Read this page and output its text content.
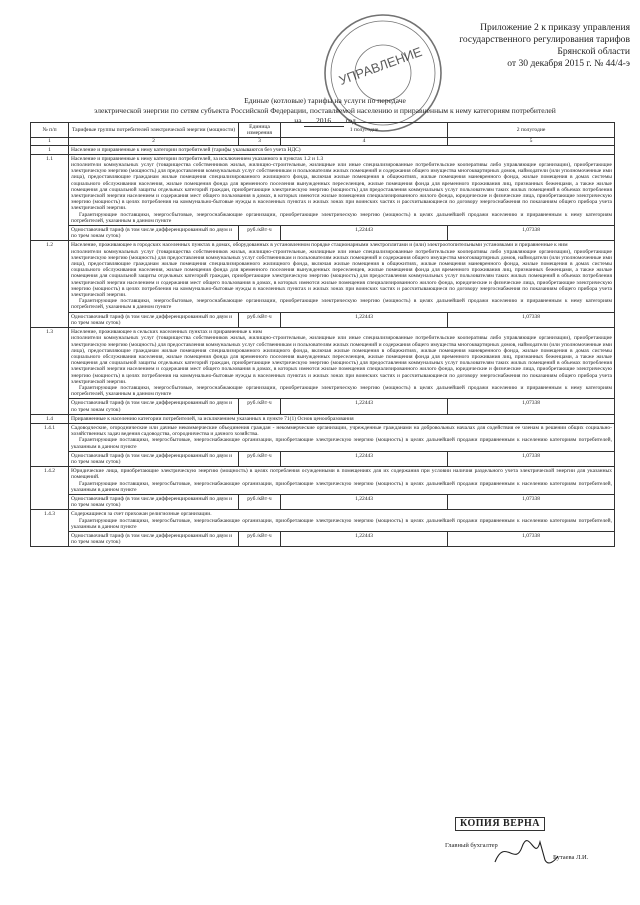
Приложение 2 к приказу управления
государственного регулирования тарифов
Брянской области
от 30 декабря 2015 г. № 44/4-э
УПРАВЛЕНИЕ
Единые (котловые) тарифы на услуги по передаче
электрической энергии по сетям субъекта Российской Федерации, поставляемой населению и приравненным к нему категориям потребителей
на 2016 год
№ п/п	Тарифные группы потребителей электрической энергии (мощности)	Единица измерения	1 полугодие	2 полугодие
1	2	3	4	5
1	Население и приравненные к нему категории потребителей (тарифы указываются без учета НДС)			

1.1	Население и приравненные к нему категории потребителей, за исключением указанного в пунктах 1.2 и 1.3

исполнители коммунальных услуг (товарищества собственников жилья, жилищно-строительные, жилищные или иные специализированные потребительские кооперативы либо управляющие организации), приобретающие электрическую энергию (мощность) для предоставления коммунальных услуг собственникам и пользователям жилых помещений и содержания общего имущества многоквартирных домов, наймодатели (или уполномоченные ими лица), предоставляющие гражданам жилые помещения специализированного жилищного фонда, включая жилые помещения в общежитиях, жилые помещения маневренного фонда, жилые помещения в домах системы социального обслуживания населения, жилые помещения фонда для временного поселения вынужденных переселенцев, жилые помещения фонда для временного проживания лиц, признанных беженцами, а также жилые помещения для социальной защиты отдельных категорий граждан, приобретающие электрическую энергию (мощность) для предоставления коммунальных услуг пользователям таких жилых помещений в объемах потребления электрической энергии населением и содержания мест общего пользования в домах, в которых имеются жилые помещения специализированного жилого фонда, юридические и физические лица, приобретающие электрическую энергию (мощность) в целях потребления на коммунально-бытовые нужды в населенных пунктах и жилых зонах при воинских частях и рассчитывающиеся по договору энергоснабжения по показаниям общего прибора учета электрической энергии.

Гарантирующие поставщики, энергосбытовые, энергоснабжающие организации, приобретающие электрическую энергию (мощность) в целях дальнейшей продажи населению и приравненным к нему категориям потребителей, указанным в данном пункте			

	Одноставочный тариф (в том числе дифференцированный по двум и по трем зонам суток)	руб./кВт·ч	1,22443	1,07338
1.2	Население, проживающее в городских населенных пунктах в домах, оборудованных в установленном порядке стационарными электроплитами и (или) электроотопительными установками и приравненные к ним

исполнители коммунальных услуг (товарищества собственников жилья, жилищно-строительные, жилищные или иные специализированные потребительские кооперативы либо управляющие организации), приобретающие электрическую энергию (мощность) для предоставления коммунальных услуг собственникам и пользователям жилых помещений и содержания общего имущества многоквартирных домов, наймодатели (или уполномоченные ими лица), предоставляющие гражданам жилые помещения специализированного жилищного фонда, включая жилые помещения в общежитиях, жилые помещения маневренного фонда, жилые помещения в домах системы социального обслуживания населения, жилые помещения фонда для временного поселения вынужденных переселенцев, жилые помещения фонда для временного проживания лиц, признанных беженцами, а также жилые помещения для социальной защиты отдельных категорий граждан, приобретающие электрическую энергию (мощность) для предоставления коммунальных услуг пользователям таких жилых помещений в объемах потребления электрической энергии населением и содержания мест общего пользования в домах, в которых имеются жилые помещения специализированного жилого фонда, юридические и физические лица, приобретающие электрическую энергию (мощность) в целях потребления на коммунально-бытовые нужды в населенных пунктах и жилых зонах при воинских частях и рассчитывающиеся по договору энергоснабжения по показаниям общего прибора учета электрической энергии.

Гарантирующие поставщики, энергосбытовые, энергоснабжающие организации, приобретающие электрическую энергию (мощность) в целях дальнейшей продажи населению и приравненным к нему категориям потребителей, указанным в данном пункте			

	Одноставочный тариф (в том числе дифференцированный по двум и по трем зонам суток)	руб./кВт·ч	1,22443	1,07338
1.3	Население, проживающее в сельских населенных пунктах и приравненные к ним

исполнители коммунальных услуг (товарищества собственников жилья, жилищно-строительные, жилищные или иные специализированные потребительские кооперативы либо управляющие организации), приобретающие электрическую энергию (мощность) для предоставления коммунальных услуг собственникам и пользователям жилых помещений и содержания общего имущества многоквартирных домов, наймодатели (или уполномоченные ими лица), предоставляющие гражданам жилые помещения специализированного жилищного фонда, включая жилые помещения в общежитиях, жилые помещения маневренного фонда, жилые помещения в домах системы социального обслуживания населения, жилые помещения фонда для временного поселения вынужденных переселенцев, жилые помещения фонда для временного проживания лиц, признанных беженцами, а также жилые помещения для социальной защиты отдельных категорий граждан, приобретающие электрическую энергию (мощность) для предоставления коммунальных услуг пользователям таких жилых помещений в объемах потребления электрической энергии населением и содержания мест общего пользования в домах, в которых имеются жилые помещения специализированного жилого фонда, юридические и физические лица, приобретающие электрическую энергию (мощность) в целях потребления на коммунально-бытовые нужды в населенных пунктах и жилых зонах при воинских частях и рассчитывающиеся по договору энергоснабжения по показаниям общего прибора учета электрической энергии.

Гарантирующие поставщики, энергосбытовые, энергоснабжающие организации, приобретающие электрическую энергию (мощность) в целях дальнейшей продажи населению и приравненным к нему категориям потребителей, указанным в данном пункте			

	Одноставочный тариф (в том числе дифференцированный по двум и по трем зонам суток)	руб./кВт·ч	1,22443	1,07338
1.4	Приравненные к населению категории потребителей, за исключением указанных в пункте 71(1) Основ ценообразования			

1.4.1	Садоводческие, огороднические или дачные некоммерческие объединения граждан - некоммерческие организации, учрежденные гражданами на добровольных началах для содействия ее членам в решении общих социально-хозяйственных задач ведения садоводства, огородничества и дачного хозяйства.

Гарантирующие поставщики, энергосбытовые, энергоснабжающие организации, приобретающие электрическую энергию (мощность) в целях дальнейшей продажи приравненным к населению категориям потребителей, указанным в данном пункте			

	Одноставочный тариф (в том числе дифференцированный по двум и по трем зонам суток)	руб./кВт·ч	1,22443	1,07338
1.4.2	Юридические лица, приобретающие электрическую энергию (мощность) в целях потребления осужденными в помещениях для их содержания при условии наличия раздельного учета электрической энергии для указанных помещений.

Гарантирующие поставщики, энергосбытовые, энергоснабжающие организации, приобретающие электрическую энергию (мощность) в целях дальнейшей продажи приравненным к населению категориям потребителей, указанным в данном пункте			

	Одноставочный тариф (в том числе дифференцированный по двум и по трем зонам суток)	руб./кВт·ч	1,22443	1,07338
1.4.3	Содержащиеся за счет прихожан религиозные организации.

Гарантирующие поставщики, энергосбытовые, энергоснабжающие организации, приобретающие электрическую энергию (мощность) в целях дальнейшей продажи приравненным к населению категориям потребителей, указанным в данном пункте			

	Одноставочный тариф (в том числе дифференцированный по двум и по трем зонам суток)	руб./кВт·ч	1,22443	1,07338
КОПИЯ ВЕРНА
Главный бухгалтер
Бутаева Л.И.
